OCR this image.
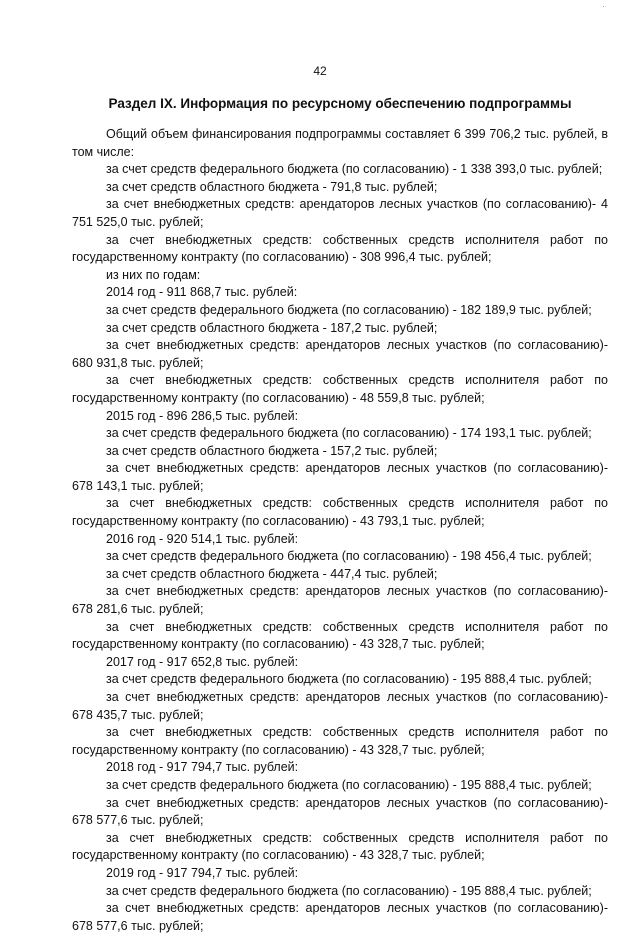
42
Раздел IX. Информация по ресурсному обеспечению подпрограммы

Общий объем финансирования подпрограммы составляет 6 399 706,2 тыс. рублей, в том числе:

за счет средств федерального бюджета (по согласованию) - 1 338 393,0 тыс. рублей;

за счет средств областного бюджета - 791,8 тыс. рублей;

за счет внебюджетных средств: арендаторов лесных участков (по согласованию)- 4 751 525,0 тыс. рублей;

за счет внебюджетных средств: собственных средств исполнителя работ по государственному контракту (по согласованию) - 308 996,4 тыс. рублей;

из них по годам:

2014 год - 911 868,7 тыс. рублей:

за счет средств федерального бюджета (по согласованию) - 182 189,9 тыс. рублей;

за счет средств областного бюджета - 187,2 тыс. рублей;

за счет внебюджетных средств: арендаторов лесных участков (по согласованию)- 680 931,8 тыс. рублей;

за счет внебюджетных средств: собственных средств исполнителя работ по государственному контракту (по согласованию) - 48 559,8 тыс. рублей;

2015 год - 896 286,5 тыс. рублей:

за счет средств федерального бюджета (по согласованию) - 174 193,1 тыс. рублей;

за счет средств областного бюджета - 157,2 тыс. рублей;

за счет внебюджетных средств: арендаторов лесных участков (по согласованию)- 678 143,1 тыс. рублей;

за счет внебюджетных средств: собственных средств исполнителя работ по государственному контракту (по согласованию) - 43 793,1 тыс. рублей;

2016 год - 920 514,1 тыс. рублей:

за счет средств федерального бюджета (по согласованию) - 198 456,4 тыс. рублей;

за счет средств областного бюджета - 447,4 тыс. рублей;

за счет внебюджетных средств: арендаторов лесных участков (по согласованию)- 678 281,6 тыс. рублей;

за счет внебюджетных средств: собственных средств исполнителя работ по государственному контракту (по согласованию) - 43 328,7 тыс. рублей;

2017 год - 917 652,8 тыс. рублей:

за счет средств федерального бюджета (по согласованию) - 195 888,4 тыс. рублей;

за счет внебюджетных средств: арендаторов лесных участков (по согласованию)- 678 435,7 тыс. рублей;

за счет внебюджетных средств: собственных средств исполнителя работ по государственному контракту (по согласованию) - 43 328,7 тыс. рублей;

2018 год - 917 794,7 тыс. рублей:

за счет средств федерального бюджета (по согласованию) - 195 888,4 тыс. рублей;

за счет внебюджетных средств: арендаторов лесных участков (по согласованию)- 678 577,6 тыс. рублей;

за счет внебюджетных средств: собственных средств исполнителя работ по государственному контракту (по согласованию) - 43 328,7 тыс. рублей;

2019 год - 917 794,7 тыс. рублей:

за счет средств федерального бюджета (по согласованию) - 195 888,4 тыс. рублей;

за счет внебюджетных средств: арендаторов лесных участков (по согласованию)- 678 577,6 тыс. рублей;
